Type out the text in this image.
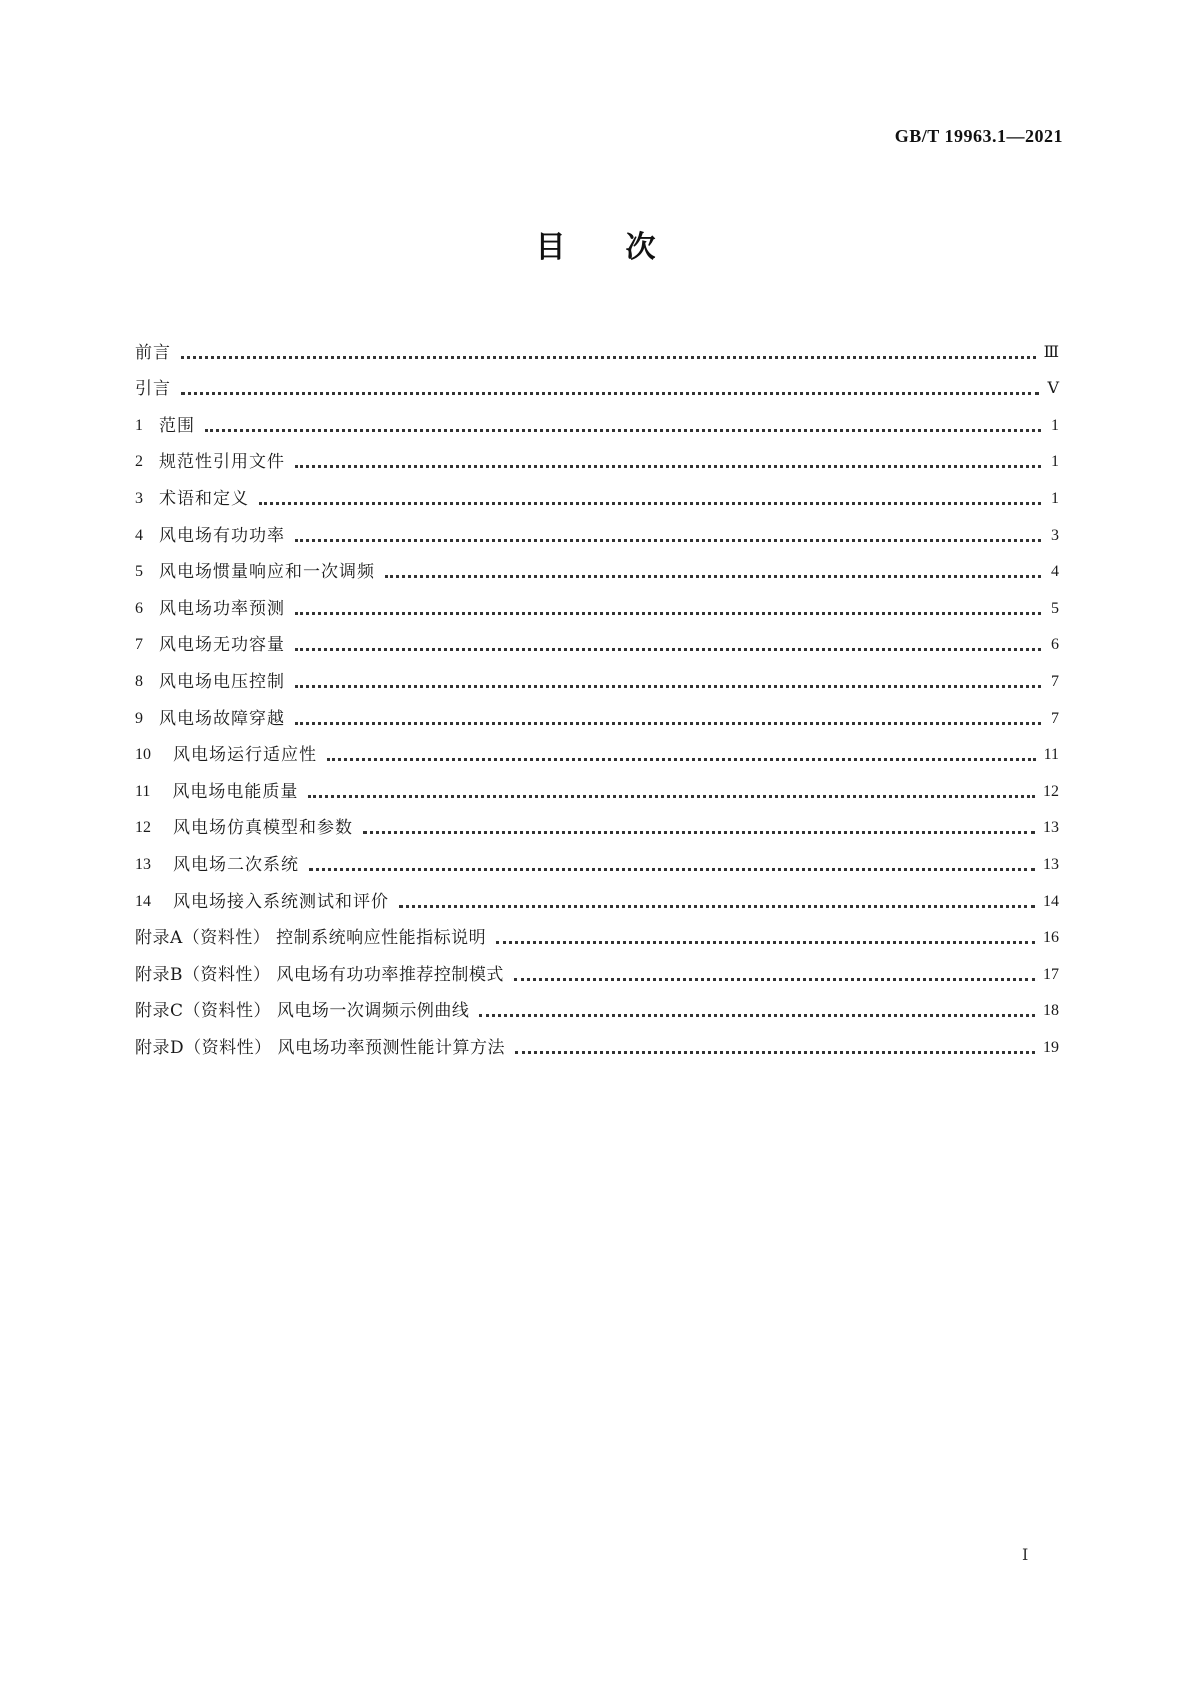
GB/T 19963.1—2021
目次
前言	Ⅲ
引言	Ⅴ
1 范围	1
2 规范性引用文件	1
3 术语和定义	1
4 风电场有功功率	3
5 风电场惯量响应和一次调频	4
6 风电场功率预测	5
7 风电场无功容量	6
8 风电场电压控制	7
9 风电场故障穿越	7
10 风电场运行适应性	11
11 风电场电能质量	12
12 风电场仿真模型和参数	13
13 风电场二次系统	13
14 风电场接入系统测试和评价	14
附录A（资料性） 控制系统响应性能指标说明	16
附录B（资料性） 风电场有功功率推荐控制模式	17
附录C（资料性） 风电场一次调频示例曲线	18
附录D（资料性） 风电场功率预测性能计算方法	19
Ⅰ
